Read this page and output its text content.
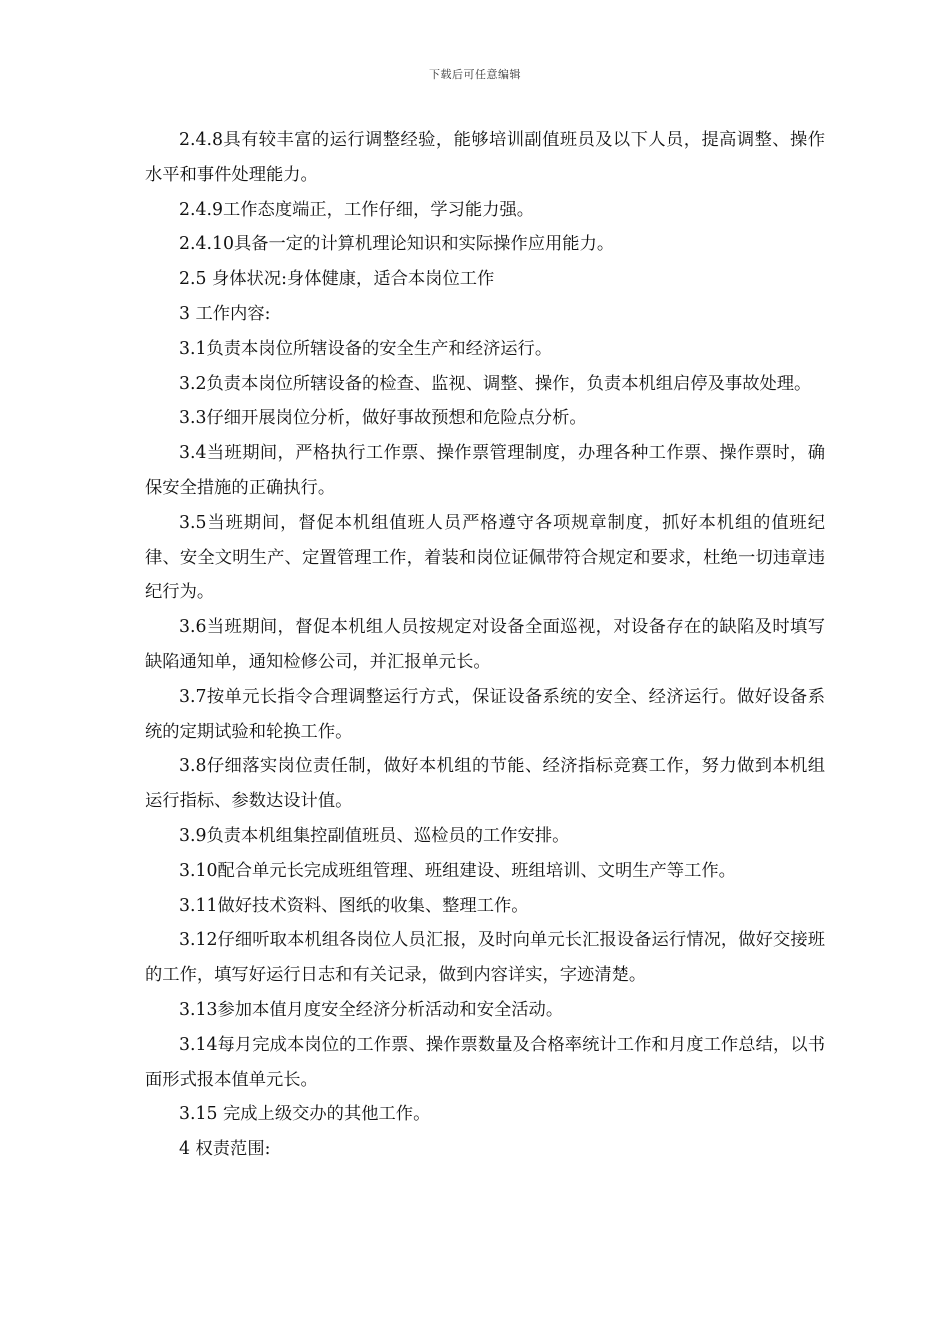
下载后可任意编辑

2.4.8具有较丰富的运行调整经验，能够培训副值班员及以下人员，提高调整、操作水平和事件处理能力。

2.4.9工作态度端正，工作仔细，学习能力强。

2.4.10具备一定的计算机理论知识和实际操作应用能力。

2.5 身体状况:身体健康，适合本岗位工作

3 工作内容:

3.1负责本岗位所辖设备的安全生产和经济运行。

3.2负责本岗位所辖设备的检查、监视、调整、操作，负责本机组启停及事故处理。

3.3仔细开展岗位分析，做好事故预想和危险点分析。

3.4当班期间，严格执行工作票、操作票管理制度，办理各种工作票、操作票时，确保安全措施的正确执行。

3.5当班期间，督促本机组值班人员严格遵守各项规章制度，抓好本机组的值班纪律、安全文明生产、定置管理工作，着装和岗位证佩带符合规定和要求，杜绝一切违章违纪行为。

3.6当班期间，督促本机组人员按规定对设备全面巡视，对设备存在的缺陷及时填写缺陷通知单，通知检修公司，并汇报单元长。

3.7按单元长指令合理调整运行方式，保证设备系统的安全、经济运行。做好设备系统的定期试验和轮换工作。

3.8仔细落实岗位责任制，做好本机组的节能、经济指标竞赛工作，努力做到本机组运行指标、参数达设计值。

3.9负责本机组集控副值班员、巡检员的工作安排。

3.10配合单元长完成班组管理、班组建设、班组培训、文明生产等工作。

3.11做好技术资料、图纸的收集、整理工作。

3.12仔细听取本机组各岗位人员汇报，及时向单元长汇报设备运行情况，做好交接班的工作，填写好运行日志和有关记录，做到内容详实，字迹清楚。

3.13参加本值月度安全经济分析活动和安全活动。

3.14每月完成本岗位的工作票、操作票数量及合格率统计工作和月度工作总结，以书面形式报本值单元长。

3.15 完成上级交办的其他工作。

4 权责范围:
